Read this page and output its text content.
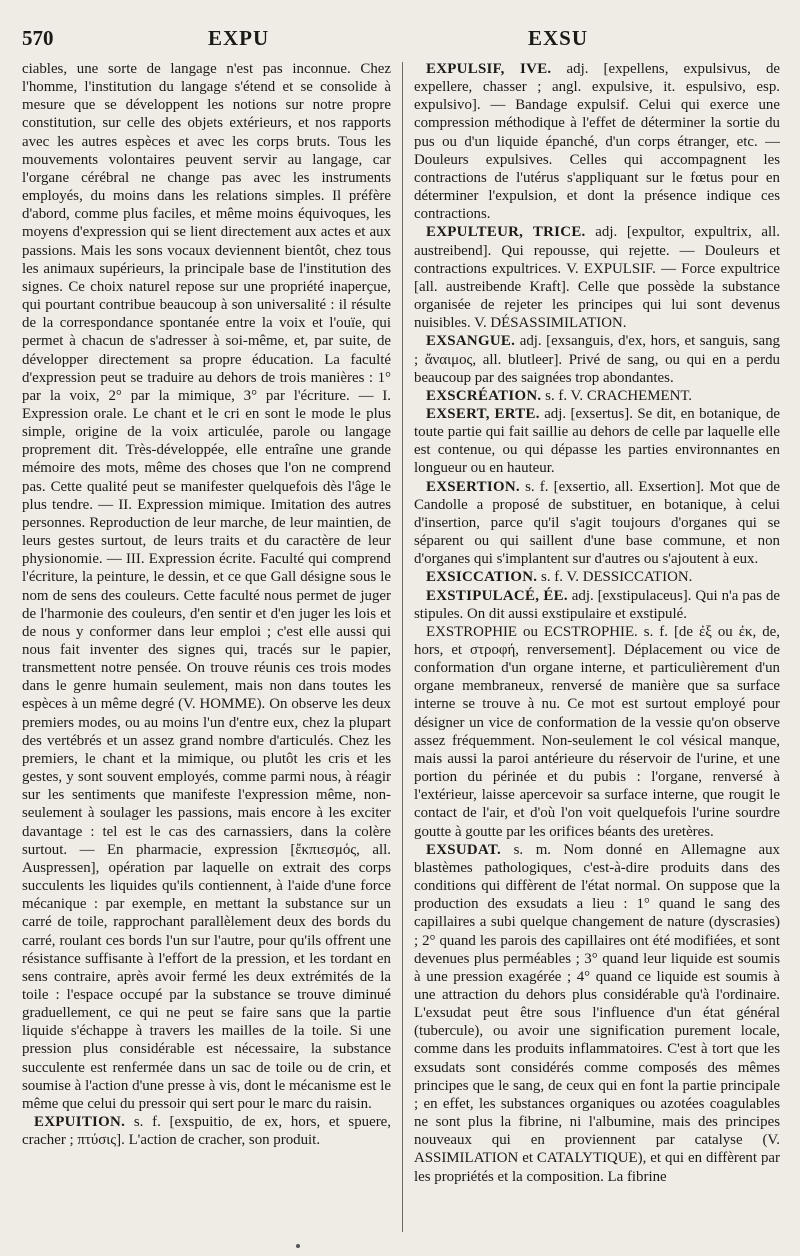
570	EXPU	EXSU

ciables, une sorte de langage n'est pas inconnue. Chez l'homme, l'institution du langage s'étend et se consolide à mesure que se développent les notions sur notre propre constitution, sur celle des objets extérieurs, et nos rapports avec les autres espèces et avec les corps bruts. Tous les mouvements volontaires peuvent servir au langage, car l'organe cérébral ne change pas avec les instruments employés, du moins dans les relations simples. Il préfère d'abord, comme plus faciles, et même moins équivoques, les moyens d'expression qui se lient directement aux actes et aux passions. Mais les sons vocaux deviennent bientôt, chez tous les animaux supérieurs, la principale base de l'institution des signes. Ce choix naturel repose sur une propriété inaperçue, qui pourtant contribue beaucoup à son universalité : il résulte de la correspondance spontanée entre la voix et l'ouïe, qui permet à chacun de s'adresser à soi-même, et, par suite, de développer directement sa propre éducation. La faculté d'expression peut se traduire au dehors de trois manières : 1° par la voix, 2° par la mimique, 3° par l'écriture. — I. Expression orale. Le chant et le cri en sont le mode le plus simple, origine de la voix articulée, parole ou langage proprement dit. Très-développée, elle entraîne une grande mémoire des mots, même des choses que l'on ne comprend pas. Cette qualité peut se manifester quelquefois dès l'âge le plus tendre. — II. Expression mimique. Imitation des autres personnes. Reproduction de leur marche, de leur maintien, de leurs gestes surtout, de leurs traits et du caractère de leur physionomie. — III. Expression écrite. Faculté qui comprend l'écriture, la peinture, le dessin, et ce que Gall désigne sous le nom de sens des couleurs. Cette faculté nous permet de juger de l'harmonie des couleurs, d'en sentir et d'en juger les lois et de nous y conformer dans leur emploi ; c'est elle aussi qui nous fait inventer des signes qui, tracés sur le papier, transmettent notre pensée. On trouve réunis ces trois modes dans le genre humain seulement, mais non dans toutes les espèces à un même degré (V. HOMME). On observe les deux premiers modes, ou au moins l'un d'entre eux, chez la plupart des vertébrés et un assez grand nombre d'articulés. Chez les premiers, le chant et la mimique, ou plutôt les cris et les gestes, y sont souvent employés, comme parmi nous, à réagir sur les sentiments que manifeste l'expression même, non-seulement à soulager les passions, mais encore à les exciter davantage : tel est le cas des carnassiers, dans la colère surtout. — En pharmacie, expression [ἔκπιεσμός, all. Auspressen], opération par laquelle on extrait des corps succulents les liquides qu'ils contiennent, à l'aide d'une force mécanique : par exemple, en mettant la substance sur un carré de toile, rapprochant parallèlement deux des bords du carré, roulant ces bords l'un sur l'autre, pour qu'ils offrent une résistance suffisante à l'effort de la pression, et les tordant en sens contraire, après avoir fermé les deux extrémités de la toile : l'espace occupé par la substance se trouve diminué graduellement, ce qui ne peut se faire sans que la partie liquide s'échappe à travers les mailles de la toile. Si une pression plus considérable est nécessaire, la substance succulente est renfermée dans un sac de toile ou de crin, et soumise à l'action d'une presse à vis, dont le mécanisme est le même que celui du pressoir qui sert pour le marc du raisin.

EXPUITION. s. f. [exspuitio, de ex, hors, et spuere, cracher ; πτύσις]. L'action de cracher, son produit.

EXPULSIF, IVE. adj. [expellens, expulsivus, de expellere, chasser ; angl. expulsive, it. espulsivo, esp. expulsivo]. — Bandage expulsif. Celui qui exerce une compression méthodique à l'effet de déterminer la sortie du pus ou d'un liquide épanché, d'un corps étranger, etc. — Douleurs expulsives. Celles qui accompagnent les contractions de l'utérus s'appliquant sur le fœtus pour en déterminer l'expulsion, et dont la présence indique ces contractions.

EXPULTEUR, TRICE. adj. [expultor, expultrix, all. austreibend]. Qui repousse, qui rejette. — Douleurs et contractions expultrices. V. EXPULSIF. — Force expultrice [all. austreibende Kraft]. Celle que possède la substance organisée de rejeter les principes qui lui sont devenus nuisibles. V. DÉSASSIMILATION.

EXSANGUE. adj. [exsanguis, d'ex, hors, et sanguis, sang ; ἄναιμος, all. blutleer]. Privé de sang, ou qui en a perdu beaucoup par des saignées trop abondantes.

EXSCRÉATION. s. f. V. CRACHEMENT.

EXSERT, ERTE. adj. [exsertus]. Se dit, en botanique, de toute partie qui fait saillie au dehors de celle par laquelle elle est contenue, ou qui dépasse les parties environnantes en longueur ou en hauteur.

EXSERTION. s. f. [exsertio, all. Exsertion]. Mot que de Candolle a proposé de substituer, en botanique, à celui d'insertion, parce qu'il s'agit toujours d'organes qui se séparent ou qui saillent d'une base commune, et non d'organes qui s'implantent sur d'autres ou s'ajoutent à eux.

EXSICCATION. s. f. V. DESSICCATION.

EXSTIPULACÉ, ÉE. adj. [exstipulaceus]. Qui n'a pas de stipules. On dit aussi exstipulaire et exstipulé.

EXSTROPHIE ou ECSTROPHIE. s. f. [de ἐξ ou ἐκ, de, hors, et στροφή, renversement]. Déplacement ou vice de conformation d'un organe interne, et particulièrement d'un organe membraneux, renversé de manière que sa surface interne se trouve à nu. Ce mot est surtout employé pour désigner un vice de conformation de la vessie qu'on observe assez fréquemment. Non-seulement le col vésical manque, mais aussi la paroi antérieure du réservoir de l'urine, et une portion du périnée et du pubis : l'organe, renversé à l'extérieur, laisse apercevoir sa surface interne, que rougit le contact de l'air, et d'où l'on voit quelquefois l'urine sourdre goutte à goutte par les orifices béants des uretères.

EXSUDAT. s. m. Nom donné en Allemagne aux blastèmes pathologiques, c'est-à-dire produits dans des conditions qui diffèrent de l'état normal. On suppose que la production des exsudats a lieu : 1° quand le sang des capillaires a subi quelque changement de nature (dyscrasies) ; 2° quand les parois des capillaires ont été modifiées, et sont devenues plus perméables ; 3° quand leur liquide est soumis à une pression exagérée ; 4° quand ce liquide est soumis à une attraction du dehors plus considérable qu'à l'ordinaire. L'exsudat peut être sous l'influence d'un état général (tubercule), ou avoir une signification purement locale, comme dans les produits inflammatoires. C'est à tort que les exsudats sont considérés comme composés des mêmes principes que le sang, de ceux qui en font la partie principale ; en effet, les substances organiques ou azotées coagulables ne sont plus la fibrine, ni l'albumine, mais des principes nouveaux qui en proviennent par catalyse (V. ASSIMILATION et CATALYTIQUE), et qui en diffèrent par les propriétés et la composition. La fibrine
